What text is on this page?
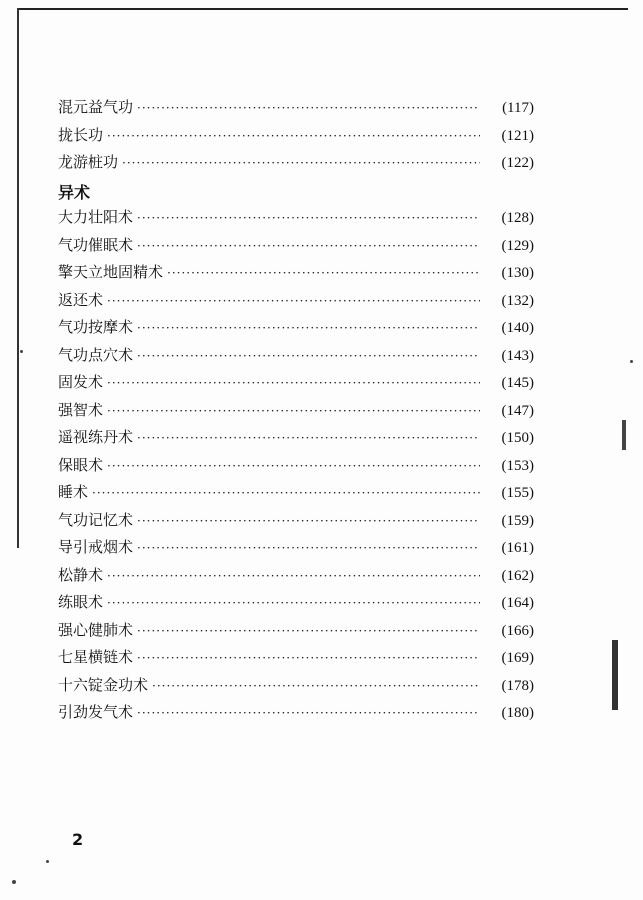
混元益气功 ·····	(117)
拢长功 ·····	(121)
龙游桩功 ·····	(122)
异术
大力壮阳术 ·····	(128)
气功催眠术 ·····	(129)
擎天立地固精术 ·····	(130)
返还术 ·····	(132)
气功按摩术 ·····	(140)
气功点穴术 ·····	(143)
固发术 ·····	(145)
强智术 ·····	(147)
遥视练丹术 ·····	(150)
保眼术 ·····	(153)
睡术 ·····	(155)
气功记忆术 ·····	(159)
导引戒烟术 ·····	(161)
松静术 ·····	(162)
练眼术 ·····	(164)
强心健肺术 ·····	(166)
七星横链术 ·····	(169)
十六锭金功术 ·····	(178)
引劲发气术 ·····	(180)
2
